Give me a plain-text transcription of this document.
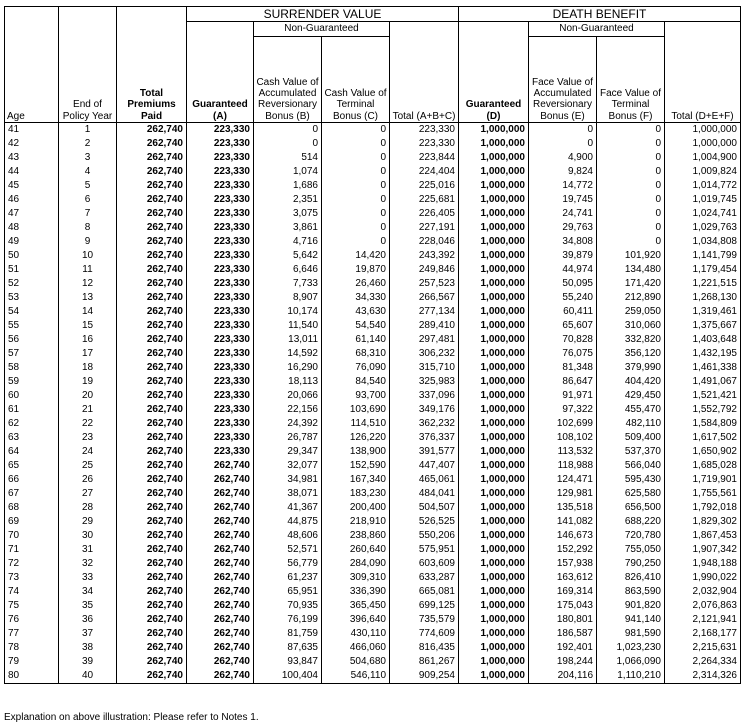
Age	End of Policy Year	Total Premiums Paid	SURRENDER VALUE				DEATH BENEFIT			
			Guaranteed (A)	Non-Guaranteed		Total (A+B+C)	Guaranteed (D)	Non-Guaranteed		Total (D+E+F)
				Cash Value of Accumulated Reversionary Bonus (B)	Cash Value of Terminal Bonus (C)			Face Value of Accumulated Reversionary Bonus (E)	Face Value of Terminal Bonus (F)	
41	1	262,740	223,330	0	0	223,330	1,000,000	0	0	1,000,000
42	2	262,740	223,330	0	0	223,330	1,000,000	0	0	1,000,000
43	3	262,740	223,330	514	0	223,844	1,000,000	4,900	0	1,004,900
44	4	262,740	223,330	1,074	0	224,404	1,000,000	9,824	0	1,009,824
45	5	262,740	223,330	1,686	0	225,016	1,000,000	14,772	0	1,014,772
46	6	262,740	223,330	2,351	0	225,681	1,000,000	19,745	0	1,019,745
47	7	262,740	223,330	3,075	0	226,405	1,000,000	24,741	0	1,024,741
48	8	262,740	223,330	3,861	0	227,191	1,000,000	29,763	0	1,029,763
49	9	262,740	223,330	4,716	0	228,046	1,000,000	34,808	0	1,034,808
50	10	262,740	223,330	5,642	14,420	243,392	1,000,000	39,879	101,920	1,141,799
51	11	262,740	223,330	6,646	19,870	249,846	1,000,000	44,974	134,480	1,179,454
52	12	262,740	223,330	7,733	26,460	257,523	1,000,000	50,095	171,420	1,221,515
53	13	262,740	223,330	8,907	34,330	266,567	1,000,000	55,240	212,890	1,268,130
54	14	262,740	223,330	10,174	43,630	277,134	1,000,000	60,411	259,050	1,319,461
55	15	262,740	223,330	11,540	54,540	289,410	1,000,000	65,607	310,060	1,375,667
56	16	262,740	223,330	13,011	61,140	297,481	1,000,000	70,828	332,820	1,403,648
57	17	262,740	223,330	14,592	68,310	306,232	1,000,000	76,075	356,120	1,432,195
58	18	262,740	223,330	16,290	76,090	315,710	1,000,000	81,348	379,990	1,461,338
59	19	262,740	223,330	18,113	84,540	325,983	1,000,000	86,647	404,420	1,491,067
60	20	262,740	223,330	20,066	93,700	337,096	1,000,000	91,971	429,450	1,521,421
61	21	262,740	223,330	22,156	103,690	349,176	1,000,000	97,322	455,470	1,552,792
62	22	262,740	223,330	24,392	114,510	362,232	1,000,000	102,699	482,110	1,584,809
63	23	262,740	223,330	26,787	126,220	376,337	1,000,000	108,102	509,400	1,617,502
64	24	262,740	223,330	29,347	138,900	391,577	1,000,000	113,532	537,370	1,650,902
65	25	262,740	262,740	32,077	152,590	447,407	1,000,000	118,988	566,040	1,685,028
66	26	262,740	262,740	34,981	167,340	465,061	1,000,000	124,471	595,430	1,719,901
67	27	262,740	262,740	38,071	183,230	484,041	1,000,000	129,981	625,580	1,755,561
68	28	262,740	262,740	41,367	200,400	504,507	1,000,000	135,518	656,500	1,792,018
69	29	262,740	262,740	44,875	218,910	526,525	1,000,000	141,082	688,220	1,829,302
70	30	262,740	262,740	48,606	238,860	550,206	1,000,000	146,673	720,780	1,867,453
71	31	262,740	262,740	52,571	260,640	575,951	1,000,000	152,292	755,050	1,907,342
72	32	262,740	262,740	56,779	284,090	603,609	1,000,000	157,938	790,250	1,948,188
73	33	262,740	262,740	61,237	309,310	633,287	1,000,000	163,612	826,410	1,990,022
74	34	262,740	262,740	65,951	336,390	665,081	1,000,000	169,314	863,590	2,032,904
75	35	262,740	262,740	70,935	365,450	699,125	1,000,000	175,043	901,820	2,076,863
76	36	262,740	262,740	76,199	396,640	735,579	1,000,000	180,801	941,140	2,121,941
77	37	262,740	262,740	81,759	430,110	774,609	1,000,000	186,587	981,590	2,168,177
78	38	262,740	262,740	87,635	466,060	816,435	1,000,000	192,401	1,023,230	2,215,631
79	39	262,740	262,740	93,847	504,680	861,267	1,000,000	198,244	1,066,090	2,264,334
80	40	262,740	262,740	100,404	546,110	909,254	1,000,000	204,116	1,110,210	2,314,326
Explanation on above illustration: Please refer to Notes 1.
